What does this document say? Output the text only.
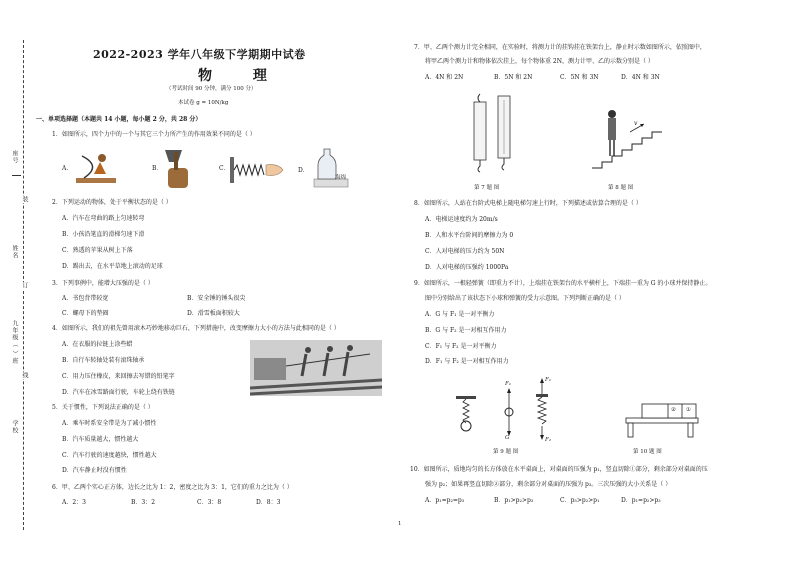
座号
姓名
九年级（ ）班
学校
装
订
线
2022-2023 学年八年级下学期期中试卷
物 理
（考试时间 90 分钟，满分 100 分）
本试卷 g = 10N/kg
一、单项选择题（本题共 14 小题，每小题 2 分，共 28 分）
1．如图所示，四个力中的一个与其它三个力所产生的作用效果不同的是（ ）
A．	B．	C．	D．
海绵
2．下列运动的物体，处于平衡状态的是（ ）
A．汽车在弯曲的路上匀速转弯
B．小孩沿笔直的滑梯匀速下滑
C．熟透的苹果从树上下落
D．踢出去，在水平草地上滚动的足球
3．下列事例中，能增大压强的是（ ）
A．书包背带较宽	B．安全锤的锤头很尖
C．螺母下的垫圈	D．滑雪板面积较大
4．如图所示，我们的祖先曾用滚木巧妙地移动巨石，下列措施中，改变摩擦力大小的方法与此相同的是（ ）
A．在衣服的拉链上涂些蜡
B．自行车转轴处装有滚珠轴承
C．用力压住橡皮，来回擦去写错的铅笔字
D．汽车在冰雪路面行驶，车轮上绕有铁链
5．关于惯性，下列说法正确的是（ ）
A．乘车时系安全带是为了减小惯性
B．汽车质量越大，惯性越大
C．汽车行驶的速度越快，惯性越大
D．汽车静止时没有惯性
6．甲、乙两个实心正方体，边长之比为 1：2，密度之比为 3：1，它们的重力之比为（ ）
A．2：3	B．3：2	C．3：8	D．8：3
7．甲、乙两个测力计完全相同，在实验时，将测力计的挂钩挂在铁架台上，静止时示数如图所示，依照图中，
将甲乙两个测力计和物体依次挂上，每个物体重 2N，测力计甲、乙的示数分别是（ ）
A．4N 和 2N	B．5N 和 2N	C．5N 和 3N	D．4N 和 3N
第 7 题 图
v
第 8 题 图
8．如图所示，人站在台阶式电梯上随电梯匀速上行时，下列描述或估算合理的是（ ）
A．电梯运速度约为 20m/s
B．人和水平台阶间的摩擦力为 0
C．人对电梯的压力约为 50N
D．人对电梯的压强约 1000Pa
9．如图所示，一根轻弹簧（即重力不计），上端挂在铁架台的水平横杆上，下端挂一重为 G 的小球并保持静止。
图中分别给出了该状态下小球和弹簧的受力示意图。下列判断正确的是（ ）
A．G 与 F₁ 是一对平衡力
B．G 与 F₂ 是一对相互作用力
C．F₁ 与 F₂ 是一对平衡力
D．F₁ 与 F₂ 是一对相互作用力
F₁
G
F₁
F₂
第 9 题 图
② ①
第 10 题 图
10．如图所示，质地均匀的长方体放在水平桌面上，对桌面的压强为 p₁，竖直切除①部分，剩余部分对桌面的压
强为 p₂；如果再竖直切除②部分，剩余部分对桌面的压强为 p₃。三次压强的大小关系是（ ）
A．p₁=p₂=p₃	B．p₁>p₂>p₃	C．p₃>p₂>p₁	D．p₁=p₂>p₃
1
